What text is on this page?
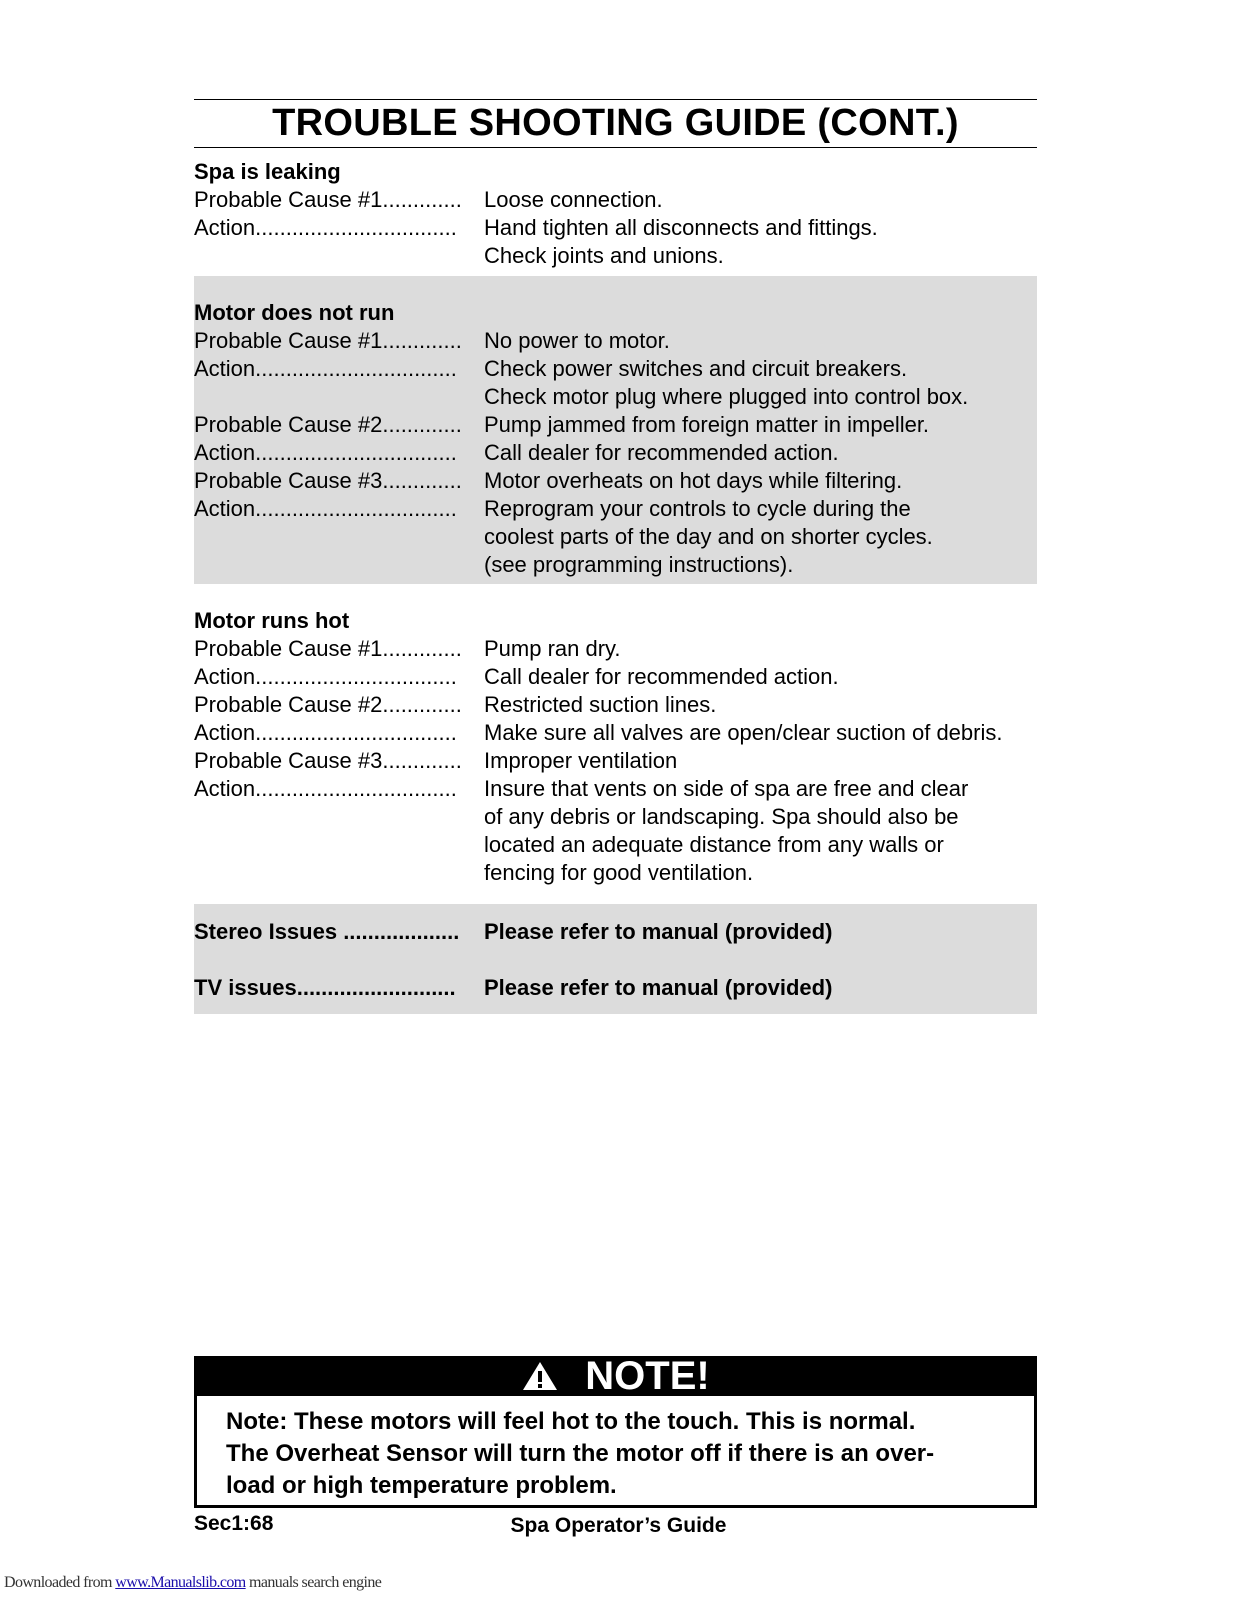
TROUBLE SHOOTING GUIDE (CONT.)
Spa is leaking
Probable Cause #1.............	Loose connection.
Action.................................	Hand tighten all disconnects and fittings.
Check joints and unions.
Motor does not run
Probable Cause #1.............	No power to motor.
Action.................................	Check power switches and circuit breakers.
Check motor plug where plugged into control box.
Probable Cause #2.............	Pump jammed from foreign matter in impeller.
Action.................................	Call dealer for recommended action.
Probable Cause #3.............	Motor overheats on hot days while filtering.
Action.................................	Reprogram your controls to cycle during the
coolest parts of the day and on shorter cycles.
(see programming instructions).
Motor runs hot
Probable Cause #1.............	Pump ran dry.
Action.................................	Call dealer for recommended action.
Probable Cause #2.............	Restricted suction lines.
Action.................................	Make sure all valves are open/clear suction of debris.
Probable Cause #3.............	Improper ventilation
Action.................................	Insure that vents on side of spa are free and clear
of any debris or landscaping. Spa should also be
located an adequate distance from any walls or
fencing for good ventilation.
Stereo Issues ...................	Please refer to manual (provided)
TV issues..........................	Please refer to manual (provided)
NOTE!
Note: These motors will feel hot to the touch. This is normal.
The Overheat Sensor will turn the motor off if there is an over-
load or high temperature problem.
Sec1:68	Spa Operator’s Guide
Downloaded from www.Manualslib.com manuals search engine
